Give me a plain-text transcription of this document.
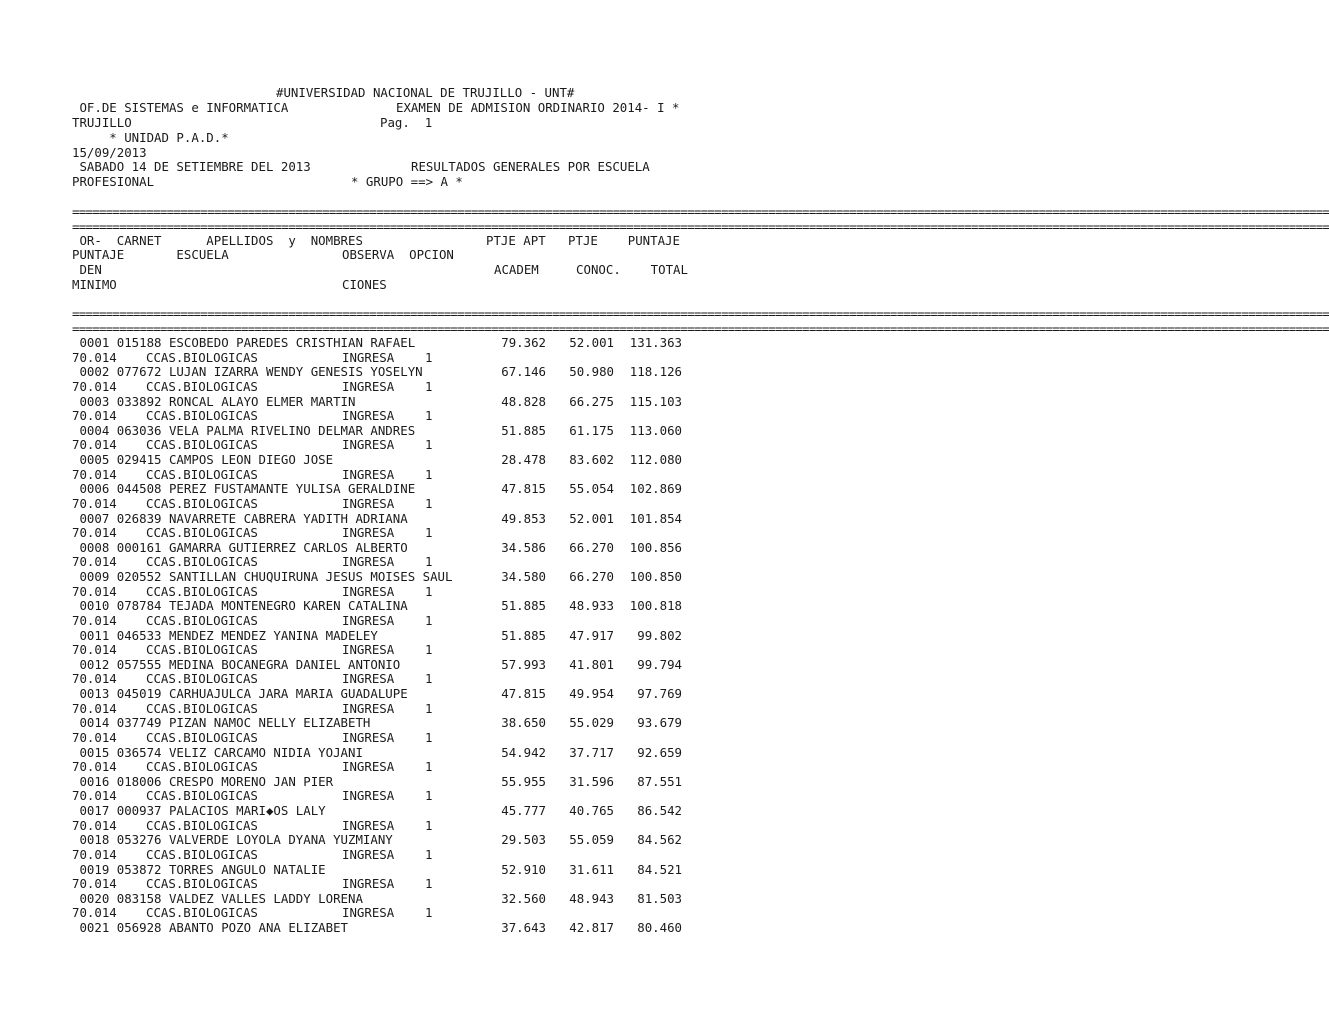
#UNIVERSIDAD NACIONAL DE TRUJILLO - UNT#
OF.DE SISTEMAS e INFORMATICA	EXAMEN DE ADMISION ORDINARIO 2014- I *
TRUJILLO	Pag.  1
* UNIDAD P.A.D.*
15/09/2013
SABADO 14 DE SETIEMBRE DEL 2013	RESULTADOS GENERALES POR ESCUELA
PROFESIONAL	* GRUPO ==> A *
==========================================================================================================================================================================================
==========================================================================================================================================================================================
OR-  CARNET      APELLIDOS  y  NOMBRES	PTJE APT   PTJE    PUNTAJE
PUNTAJE       ESCUELA	OBSERVA  OPCION
DEN	ACADEM     CONOC.    TOTAL
MINIMO	CIONES
==========================================================================================================================================================================================
==========================================================================================================================================================================================
0001 015188 ESCOBEDO PAREDES CRISTHIAN RAFAEL	79.362	52.001	131.363
70.014 CCAS.BIOLOGICAS	INGRESA 1
0002 077672 LUJAN IZARRA WENDY GENESIS YOSELYN	67.146	50.980	118.126
70.014 CCAS.BIOLOGICAS	INGRESA 1
0003 033892 RONCAL ALAYO ELMER MARTIN	48.828	66.275	115.103
70.014 CCAS.BIOLOGICAS	INGRESA 1
0004 063036 VELA PALMA RIVELINO DELMAR ANDRES	51.885	61.175	113.060
70.014 CCAS.BIOLOGICAS	INGRESA 1
0005 029415 CAMPOS LEON DIEGO JOSE	28.478	83.602	112.080
70.014 CCAS.BIOLOGICAS	INGRESA 1
0006 044508 PEREZ FUSTAMANTE YULISA GERALDINE	47.815	55.054	102.869
70.014 CCAS.BIOLOGICAS	INGRESA 1
0007 026839 NAVARRETE CABRERA YADITH ADRIANA	49.853	52.001	101.854
70.014 CCAS.BIOLOGICAS	INGRESA 1
0008 000161 GAMARRA GUTIERREZ CARLOS ALBERTO	34.586	66.270	100.856
70.014 CCAS.BIOLOGICAS	INGRESA 1
0009 020552 SANTILLAN CHUQUIRUNA JESUS MOISES SAUL	34.580	66.270	100.850
70.014 CCAS.BIOLOGICAS	INGRESA 1
0010 078784 TEJADA MONTENEGRO KAREN CATALINA	51.885	48.933	100.818
70.014 CCAS.BIOLOGICAS	INGRESA 1
0011 046533 MENDEZ MENDEZ YANINA MADELEY	51.885	47.917	99.802
70.014 CCAS.BIOLOGICAS	INGRESA 1
0012 057555 MEDINA BOCANEGRA DANIEL ANTONIO	57.993	41.801	99.794
70.014 CCAS.BIOLOGICAS	INGRESA 1
0013 045019 CARHUAJULCA JARA MARIA GUADALUPE	47.815	49.954	97.769
70.014 CCAS.BIOLOGICAS	INGRESA 1
0014 037749 PIZAN NAMOC NELLY ELIZABETH	38.650	55.029	93.679
70.014 CCAS.BIOLOGICAS	INGRESA 1
0015 036574 VELIZ CARCAMO NIDIA YOJANI	54.942	37.717	92.659
70.014 CCAS.BIOLOGICAS	INGRESA 1
0016 018006 CRESPO MORENO JAN PIER	55.955	31.596	87.551
70.014 CCAS.BIOLOGICAS	INGRESA 1
0017 000937 PALACIOS MARI◆OS LALY	45.777	40.765	86.542
70.014 CCAS.BIOLOGICAS	INGRESA 1
0018 053276 VALVERDE LOYOLA DYANA YUZMIANY	29.503	55.059	84.562
70.014 CCAS.BIOLOGICAS	INGRESA 1
0019 053872 TORRES ANGULO NATALIE	52.910	31.611	84.521
70.014 CCAS.BIOLOGICAS	INGRESA 1
0020 083158 VALDEZ VALLES LADDY LORENA	32.560	48.943	81.503
70.014 CCAS.BIOLOGICAS	INGRESA 1
0021 056928 ABANTO POZO ANA ELIZABET	37.643	42.817	80.460
